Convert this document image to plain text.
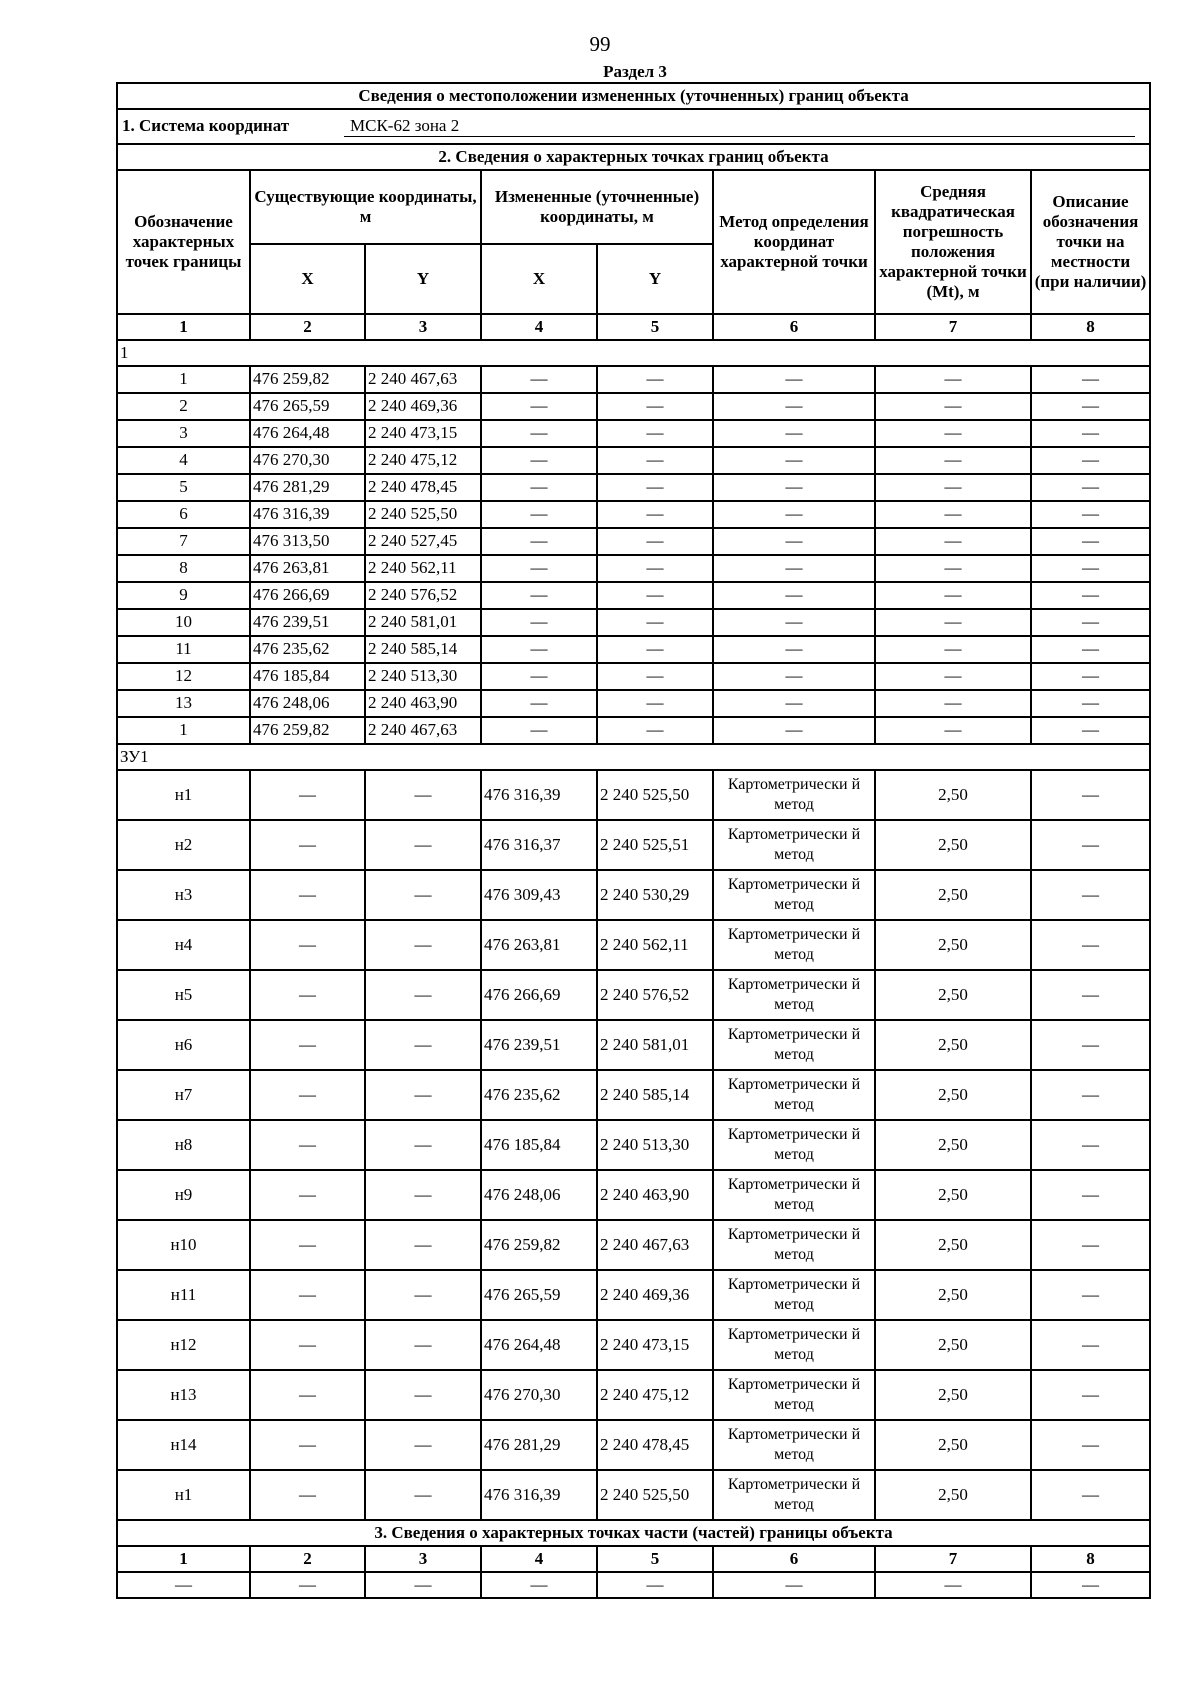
99
Раздел 3
Сведения о местоположении измененных (уточненных) границ объекта							
1. Система координат МСК-62 зона 2							
2. Сведения о характерных точках границ объекта							
Обозначение характерных точек границы	Существующие координаты, м		Измененные (уточненные) координаты, м		Метод определения координат характерной точки	Средняя квадратическая погрешность положения характерной точки (Mt), м	Описание обозначения точки на местности (при наличии)
	X	Y	X	Y			
1	2	3	4	5	6	7	8
1							
1	476 259,82	2 240 467,63	—	—	—	—	—
2	476 265,59	2 240 469,36	—	—	—	—	—
3	476 264,48	2 240 473,15	—	—	—	—	—
4	476 270,30	2 240 475,12	—	—	—	—	—
5	476 281,29	2 240 478,45	—	—	—	—	—
6	476 316,39	2 240 525,50	—	—	—	—	—
7	476 313,50	2 240 527,45	—	—	—	—	—
8	476 263,81	2 240 562,11	—	—	—	—	—
9	476 266,69	2 240 576,52	—	—	—	—	—
10	476 239,51	2 240 581,01	—	—	—	—	—
11	476 235,62	2 240 585,14	—	—	—	—	—
12	476 185,84	2 240 513,30	—	—	—	—	—
13	476 248,06	2 240 463,90	—	—	—	—	—
1	476 259,82	2 240 467,63	—	—	—	—	—
ЗУ1							
н1	—	—	476 316,39	2 240 525,50	Картометрически й метод	2,50	—
н2	—	—	476 316,37	2 240 525,51	Картометрически й метод	2,50	—
н3	—	—	476 309,43	2 240 530,29	Картометрически й метод	2,50	—
н4	—	—	476 263,81	2 240 562,11	Картометрически й метод	2,50	—
н5	—	—	476 266,69	2 240 576,52	Картометрически й метод	2,50	—
н6	—	—	476 239,51	2 240 581,01	Картометрически й метод	2,50	—
н7	—	—	476 235,62	2 240 585,14	Картометрически й метод	2,50	—
н8	—	—	476 185,84	2 240 513,30	Картометрически й метод	2,50	—
н9	—	—	476 248,06	2 240 463,90	Картометрически й метод	2,50	—
н10	—	—	476 259,82	2 240 467,63	Картометрически й метод	2,50	—
н11	—	—	476 265,59	2 240 469,36	Картометрически й метод	2,50	—
н12	—	—	476 264,48	2 240 473,15	Картометрически й метод	2,50	—
н13	—	—	476 270,30	2 240 475,12	Картометрически й метод	2,50	—
н14	—	—	476 281,29	2 240 478,45	Картометрически й метод	2,50	—
н1	—	—	476 316,39	2 240 525,50	Картометрически й метод	2,50	—
3. Сведения о характерных точках части (частей) границы объекта							
1	2	3	4	5	6	7	8
—	—	—	—	—	—	—	—
